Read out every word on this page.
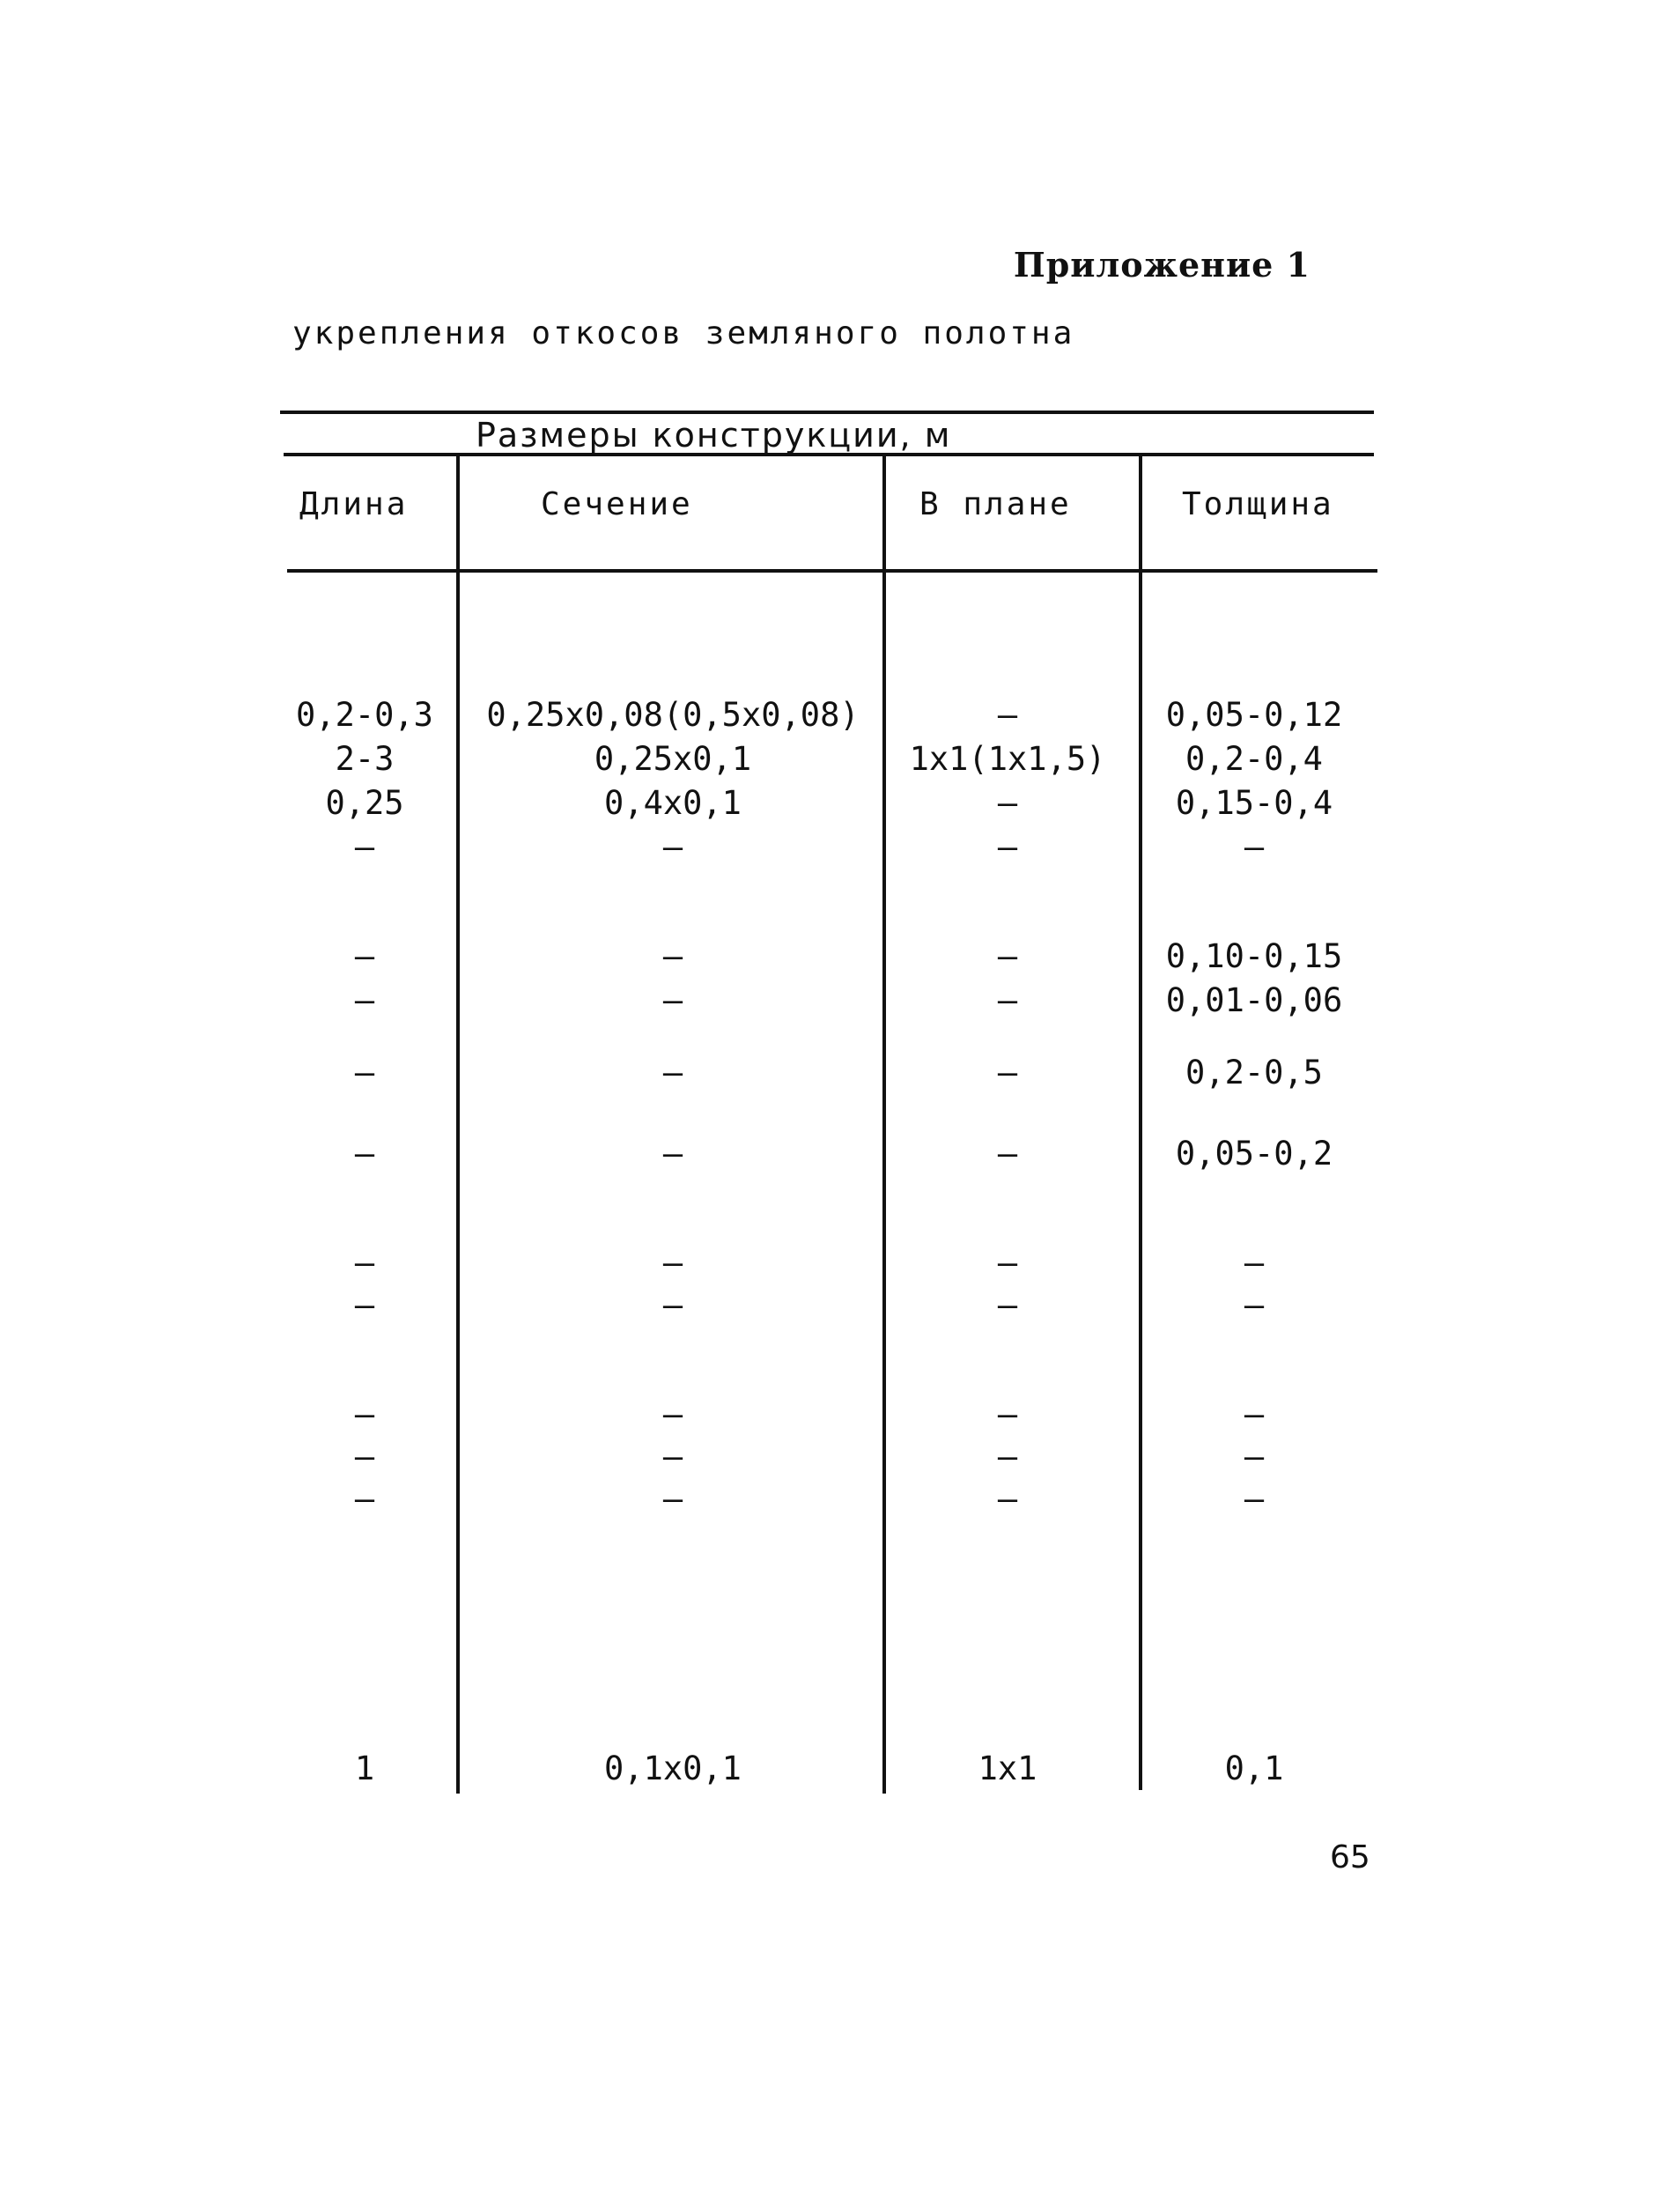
Приложение 1
укрепления откосов земляного полотна
Размеры конструкции, м
Длина	Сечение	В плане	Толщина
0,2-0,3	0,25x0,08(0,5x0,08)	–	0,05-0,12
2-3	0,25x0,1	1x1(1x1,5)	0,2-0,4
0,25	0,4x0,1	–	0,15-0,4
–	–	–	–
–	–	–	0,10-0,15
–	–	–	0,01-0,06
–	–	–	0,2-0,5
–	–	–	0,05-0,2
–	–	–	–
–	–	–	–
–	–	–	–
–	–	–	–
–	–	–	–
1	0,1x0,1	1x1	0,1
65
